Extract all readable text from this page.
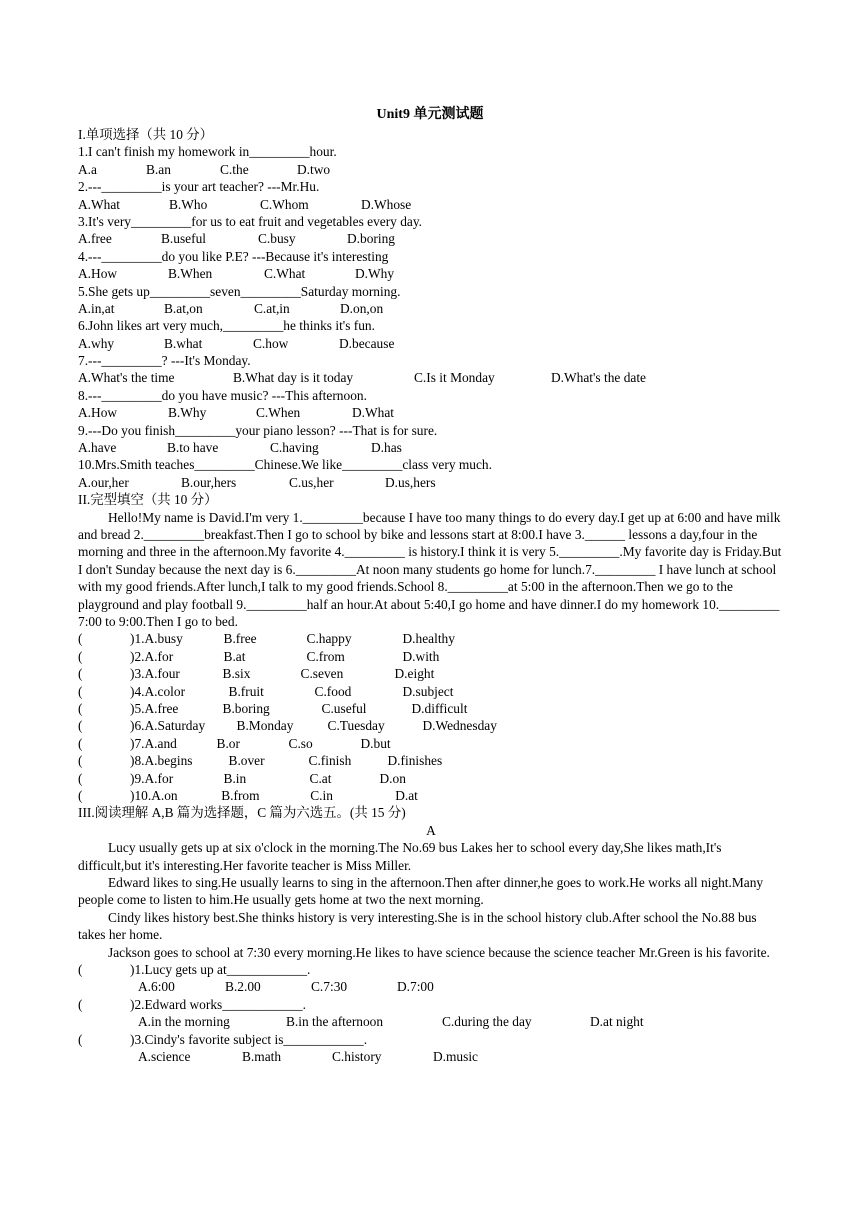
Unit9 单元测试题
I.单项选择（共 10 分）
1.I can't finish my homework in_________hour.
A.a	B.an	C.the	D.two
2.---_________is your art teacher? ---Mr.Hu.
A.What	B.Who	C.Whom	D.Whose
3.It's very_________for us to eat fruit and vegetables every day.
A.free	B.useful	C.busy	D.boring
4.---_________do you like P.E? ---Because it's interesting
A.How	B.When	C.What	D.Why
5.She gets up_________seven_________Saturday morning.
A.in,at	B.at,on	C.at,in	D.on,on
6.John likes art very much,_________he thinks it's fun.
A.why	B.what	C.how	D.because
7.---_________? ---It's Monday.
A.What's the time	B.What day is it today	C.Is it Monday	D.What's the date
8.---_________do you have music? ---This afternoon.
A.How	B.Why	C.When	D.What
9.---Do you finish_________your piano lesson? ---That is for sure.
A.have	B.to have	C.having	D.has
10.Mrs.Smith teaches_________Chinese.We like_________class very much.
A.our,her	B.our,hers	C.us,her	D.us,hers
II.完型填空（共 10 分）
Hello!My name is David.I'm very 1._________because I have too many things to do every day.I get up at 6:00 and have milk and bread 2._________breakfast.Then I go to school by bike and lessons start at 8:00.I have 3.______ lessons a day,four in the morning and three in the afternoon.My favorite 4._________ is history.I think it is very 5._________.My favorite day is Friday.But I don't Sunday because the next day is 6._________At noon many students go home for lunch.7._________ I have lunch at school with my good friends.After lunch,I talk to my good friends.School 8._________at 5:00 in the afternoon.Then we go to the playground and play football 9._________half an hour.At about 5:40,I go home and have dinner.I do my homework 10._________ 7:00 to 9:00.Then I go to bed.
(	)1. A.busy	B.free	C.happy	D.healthy
(	)2. A.for	B.at	C.from	D.with
(	)3. A.four	B.six	C.seven	D.eight
(	)4. A.color	B.fruit	C.food	D.subject
(	)5. A.free	B.boring	C.useful	D.difficult
(	)6. A.Saturday	B.Monday	C.Tuesday	D.Wednesday
(	)7. A.and	B.or	C.so	D.but
(	)8. A.begins	B.over	C.finish	D.finishes
(	)9. A.for	B.in	C.at	D.on
(	)10. A.on	B.from	C.in	D.at
III.阅读理解 A,B 篇为选择题，C 篇为六选五。(共 15 分)
A
Lucy usually gets up at six o'clock in the morning.The No.69 bus Lakes her to school every day,She likes math,It's difficult,but it's interesting.Her favorite teacher is Miss Miller.
Edward likes to sing.He usually learns to sing in the afternoon.Then after dinner,he goes to work.He works all night.Many people come to listen to him.He usually gets home at two the next morning.
Cindy likes history best.She thinks history is very interesting.She is in the school history club.After school the No.88 bus takes her home.
Jackson goes to school at 7:30 every morning.He likes to have science because the science teacher Mr.Green is his favorite.
(	)1.Lucy gets up at____________.
A.6:00	B.2.00	C.7:30	D.7:00
(	)2.Edward works____________.
A.in the morning	B.in the afternoon	C.during the day	D.at night
(	)3.Cindy's favorite subject is____________.
A.science	B.math	C.history	D.music
